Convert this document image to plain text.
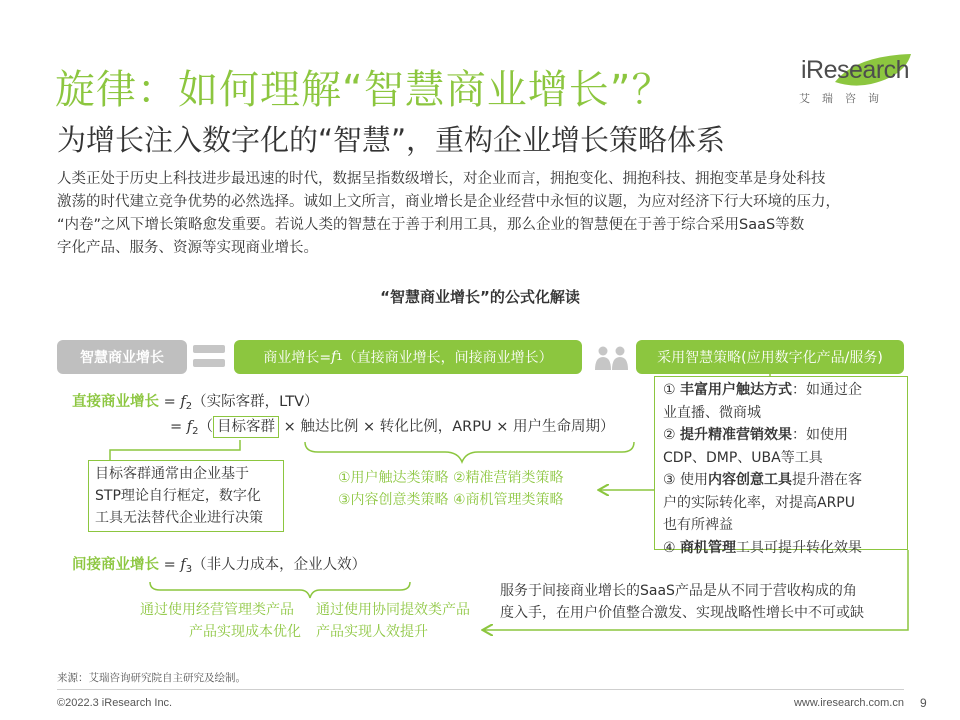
旋律：如何理解“智慧商业增长”？
为增长注入数字化的“智慧”，重构企业增长策略体系
iResearch
艾瑞咨询

人类正处于历史上科技进步最迅速的时代，数据呈指数级增长，对企业而言，拥抱变化、拥抱科技、拥抱变革是身处科技

激荡的时代建立竞争优势的必然选择。诚如上文所言，商业增长是企业经营中永恒的议题，为应对经济下行大环境的压力，

“内卷”之风下增长策略愈发重要。若说人类的智慧在于善于利用工具，那么企业的智慧便在于善于综合采用SaaS等数

字化产品、服务、资源等实现商业增长。

“智慧商业增长”的公式化解读
智慧商业增长	商业增长= f 1 （直接商业增长，间接商业增长）	采用智慧策略(应用数字化产品/服务)
直接商业增长 = $f_2$（实际客群，LTV）
= $f_2$（ 目标客群 × 触达比例 × 转化比例，ARPU × 用户生命周期）
目标客群通常由企业基于
STP理论自行框定，数字化
工具无法替代企业进行决策
①用户触达类策略 ②精准营销类策略
③内容创意类策略 ④商机管理类策略
① 丰富用户触达方式：如通过企
业直播、微商城
② 提升精准营销效果：如使用
CDP、DMP、UBA等工具
③ 使用内容创意工具提升潜在客
户的实际转化率，对提高ARPU
也有所裨益
④ 商机管理工具可提升转化效果
间接商业增长 = $f_3$（非人力成本，企业人效）
通过使用经营管理类产品
产品实现成本优化
通过使用协同提效类产品
产品实现人效提升
服务于间接商业增长的SaaS产品是从不同于营收构成的角
度入手，在用户价值整合激发、实现战略性增长中不可或缺
来源：艾瑞咨询研究院自主研究及绘制。
©2022.3 iResearch Inc.	www.iresearch.com.cn 9
